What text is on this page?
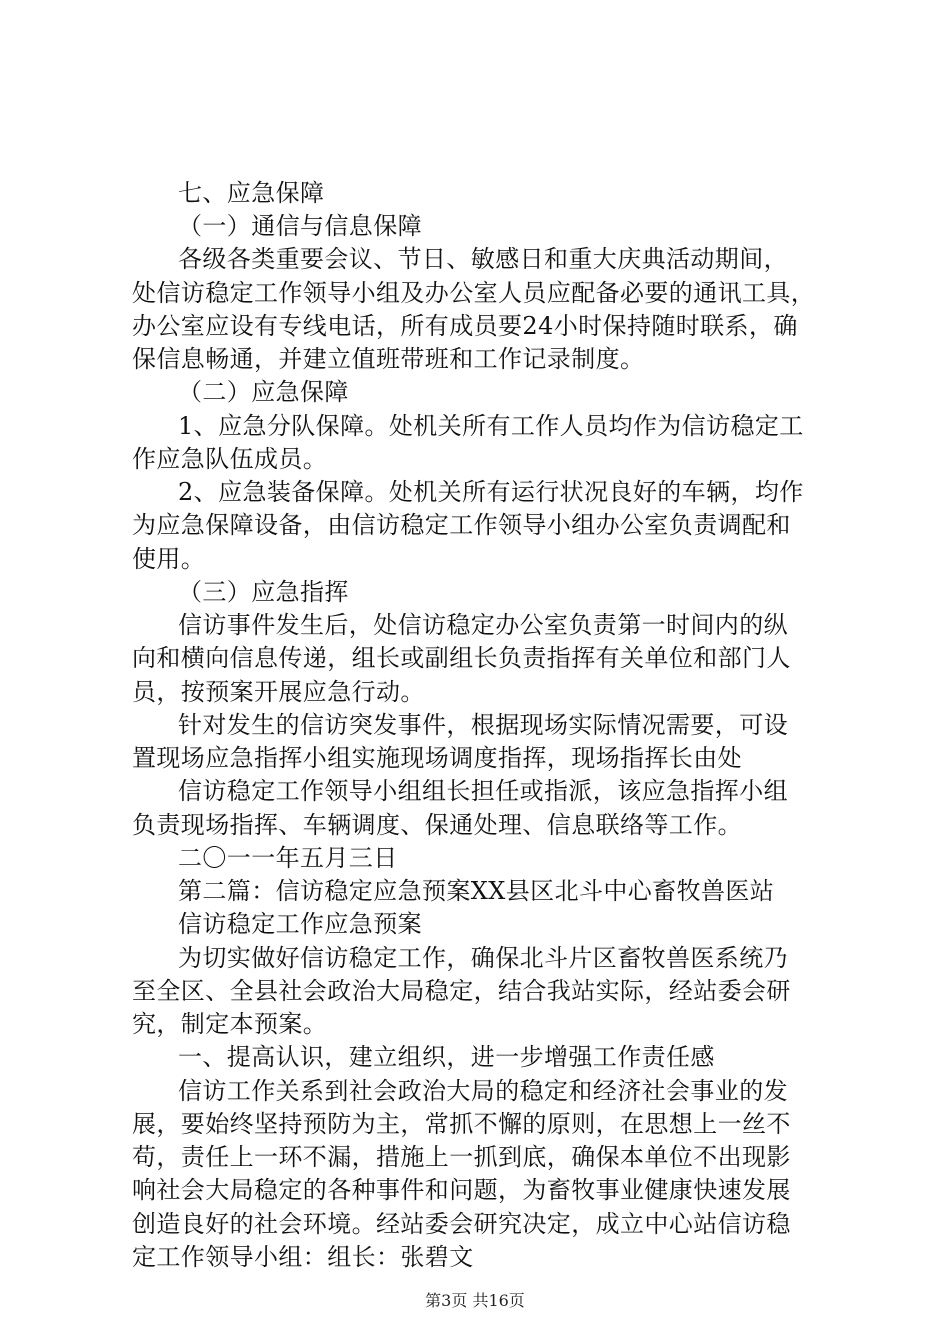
七、应急保障
（一）通信与信息保障
各级各类重要会议、节日、敏感日和重大庆典活动期间，
处信访稳定工作领导小组及办公室人员应配备必要的通讯工具，
办公室应设有专线电话，所有成员要24小时保持随时联系，确
保信息畅通，并建立值班带班和工作记录制度。
（二）应急保障
1、应急分队保障。处机关所有工作人员均作为信访稳定工
作应急队伍成员。
2、应急装备保障。处机关所有运行状况良好的车辆，均作
为应急保障设备，由信访稳定工作领导小组办公室负责调配和
使用。
（三）应急指挥
信访事件发生后，处信访稳定办公室负责第一时间内的纵
向和横向信息传递，组长或副组长负责指挥有关单位和部门人
员，按预案开展应急行动。
针对发生的信访突发事件，根据现场实际情况需要，可设
置现场应急指挥小组实施现场调度指挥，现场指挥长由处
信访稳定工作领导小组组长担任或指派，该应急指挥小组
负责现场指挥、车辆调度、保通处理、信息联络等工作。
二〇一一年五月三日
第二篇：信访稳定应急预案XX县区北斗中心畜牧兽医站
信访稳定工作应急预案
为切实做好信访稳定工作，确保北斗片区畜牧兽医系统乃
至全区、全县社会政治大局稳定，结合我站实际，经站委会研
究，制定本预案。
一、提高认识，建立组织，进一步增强工作责任感
信访工作关系到社会政治大局的稳定和经济社会事业的发
展，要始终坚持预防为主，常抓不懈的原则，在思想上一丝不
苟，责任上一环不漏，措施上一抓到底，确保本单位不出现影
响社会大局稳定的各种事件和问题，为畜牧事业健康快速发展
创造良好的社会环境。经站委会研究决定，成立中心站信访稳
定工作领导小组：组长：张碧文
第3页 共16页
